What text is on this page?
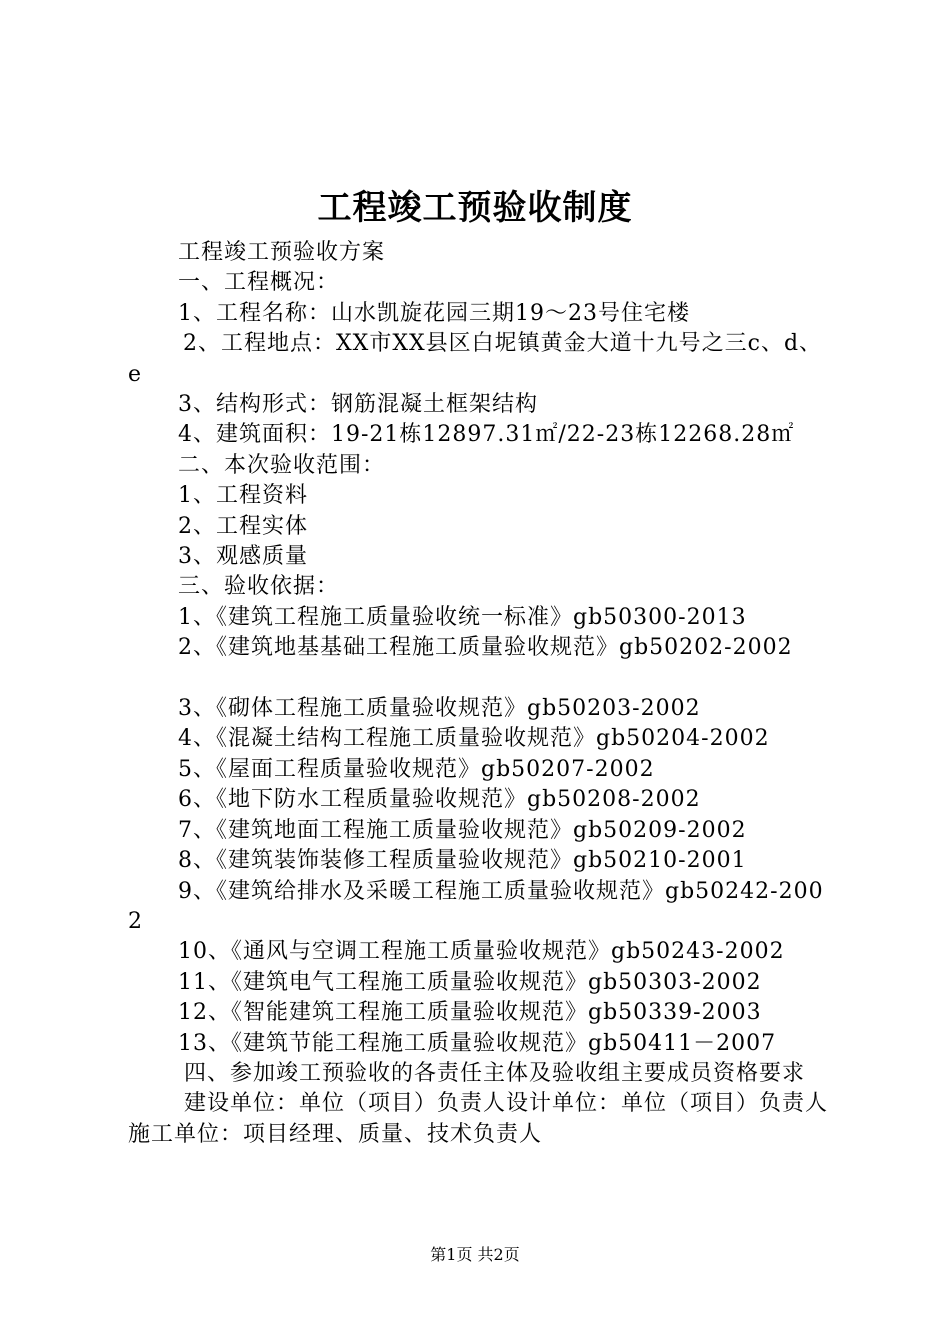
工程竣工预验收制度

工程竣工预验收方案

一、工程概况：

1、工程名称：山水凯旋花园三期19～23号住宅楼

2、工程地点：XX市XX县区白坭镇黄金大道十九号之三c、d、e

3、结构形式：钢筋混凝土框架结构

4、建筑面积：19-21栋12897.31㎡/22-23栋12268.28㎡

二、本次验收范围：

1、工程资料

2、工程实体

3、观感质量

三、验收依据：

1、《建筑工程施工质量验收统一标准》gb50300-2013

2、《建筑地基基础工程施工质量验收规范》gb50202-2002

3、《砌体工程施工质量验收规范》gb50203-2002

4、《混凝土结构工程施工质量验收规范》gb50204-2002

5、《屋面工程质量验收规范》gb50207-2002

6、《地下防水工程质量验收规范》gb50208-2002

7、《建筑地面工程施工质量验收规范》gb50209-2002

8、《建筑装饰装修工程质量验收规范》gb50210-2001

9、《建筑给排水及采暖工程施工质量验收规范》gb50242-2002

10、《通风与空调工程施工质量验收规范》gb50243-2002

11、《建筑电气工程施工质量验收规范》gb50303-2002

12、《智能建筑工程施工质量验收规范》gb50339-2003

13、《建筑节能工程施工质量验收规范》gb50411－2007

四、参加竣工预验收的各责任主体及验收组主要成员资格要求

建设单位：单位（项目）负责人设计单位：单位（项目）负责人施工单位：项目经理、质量、技术负责人

第1页 共2页
